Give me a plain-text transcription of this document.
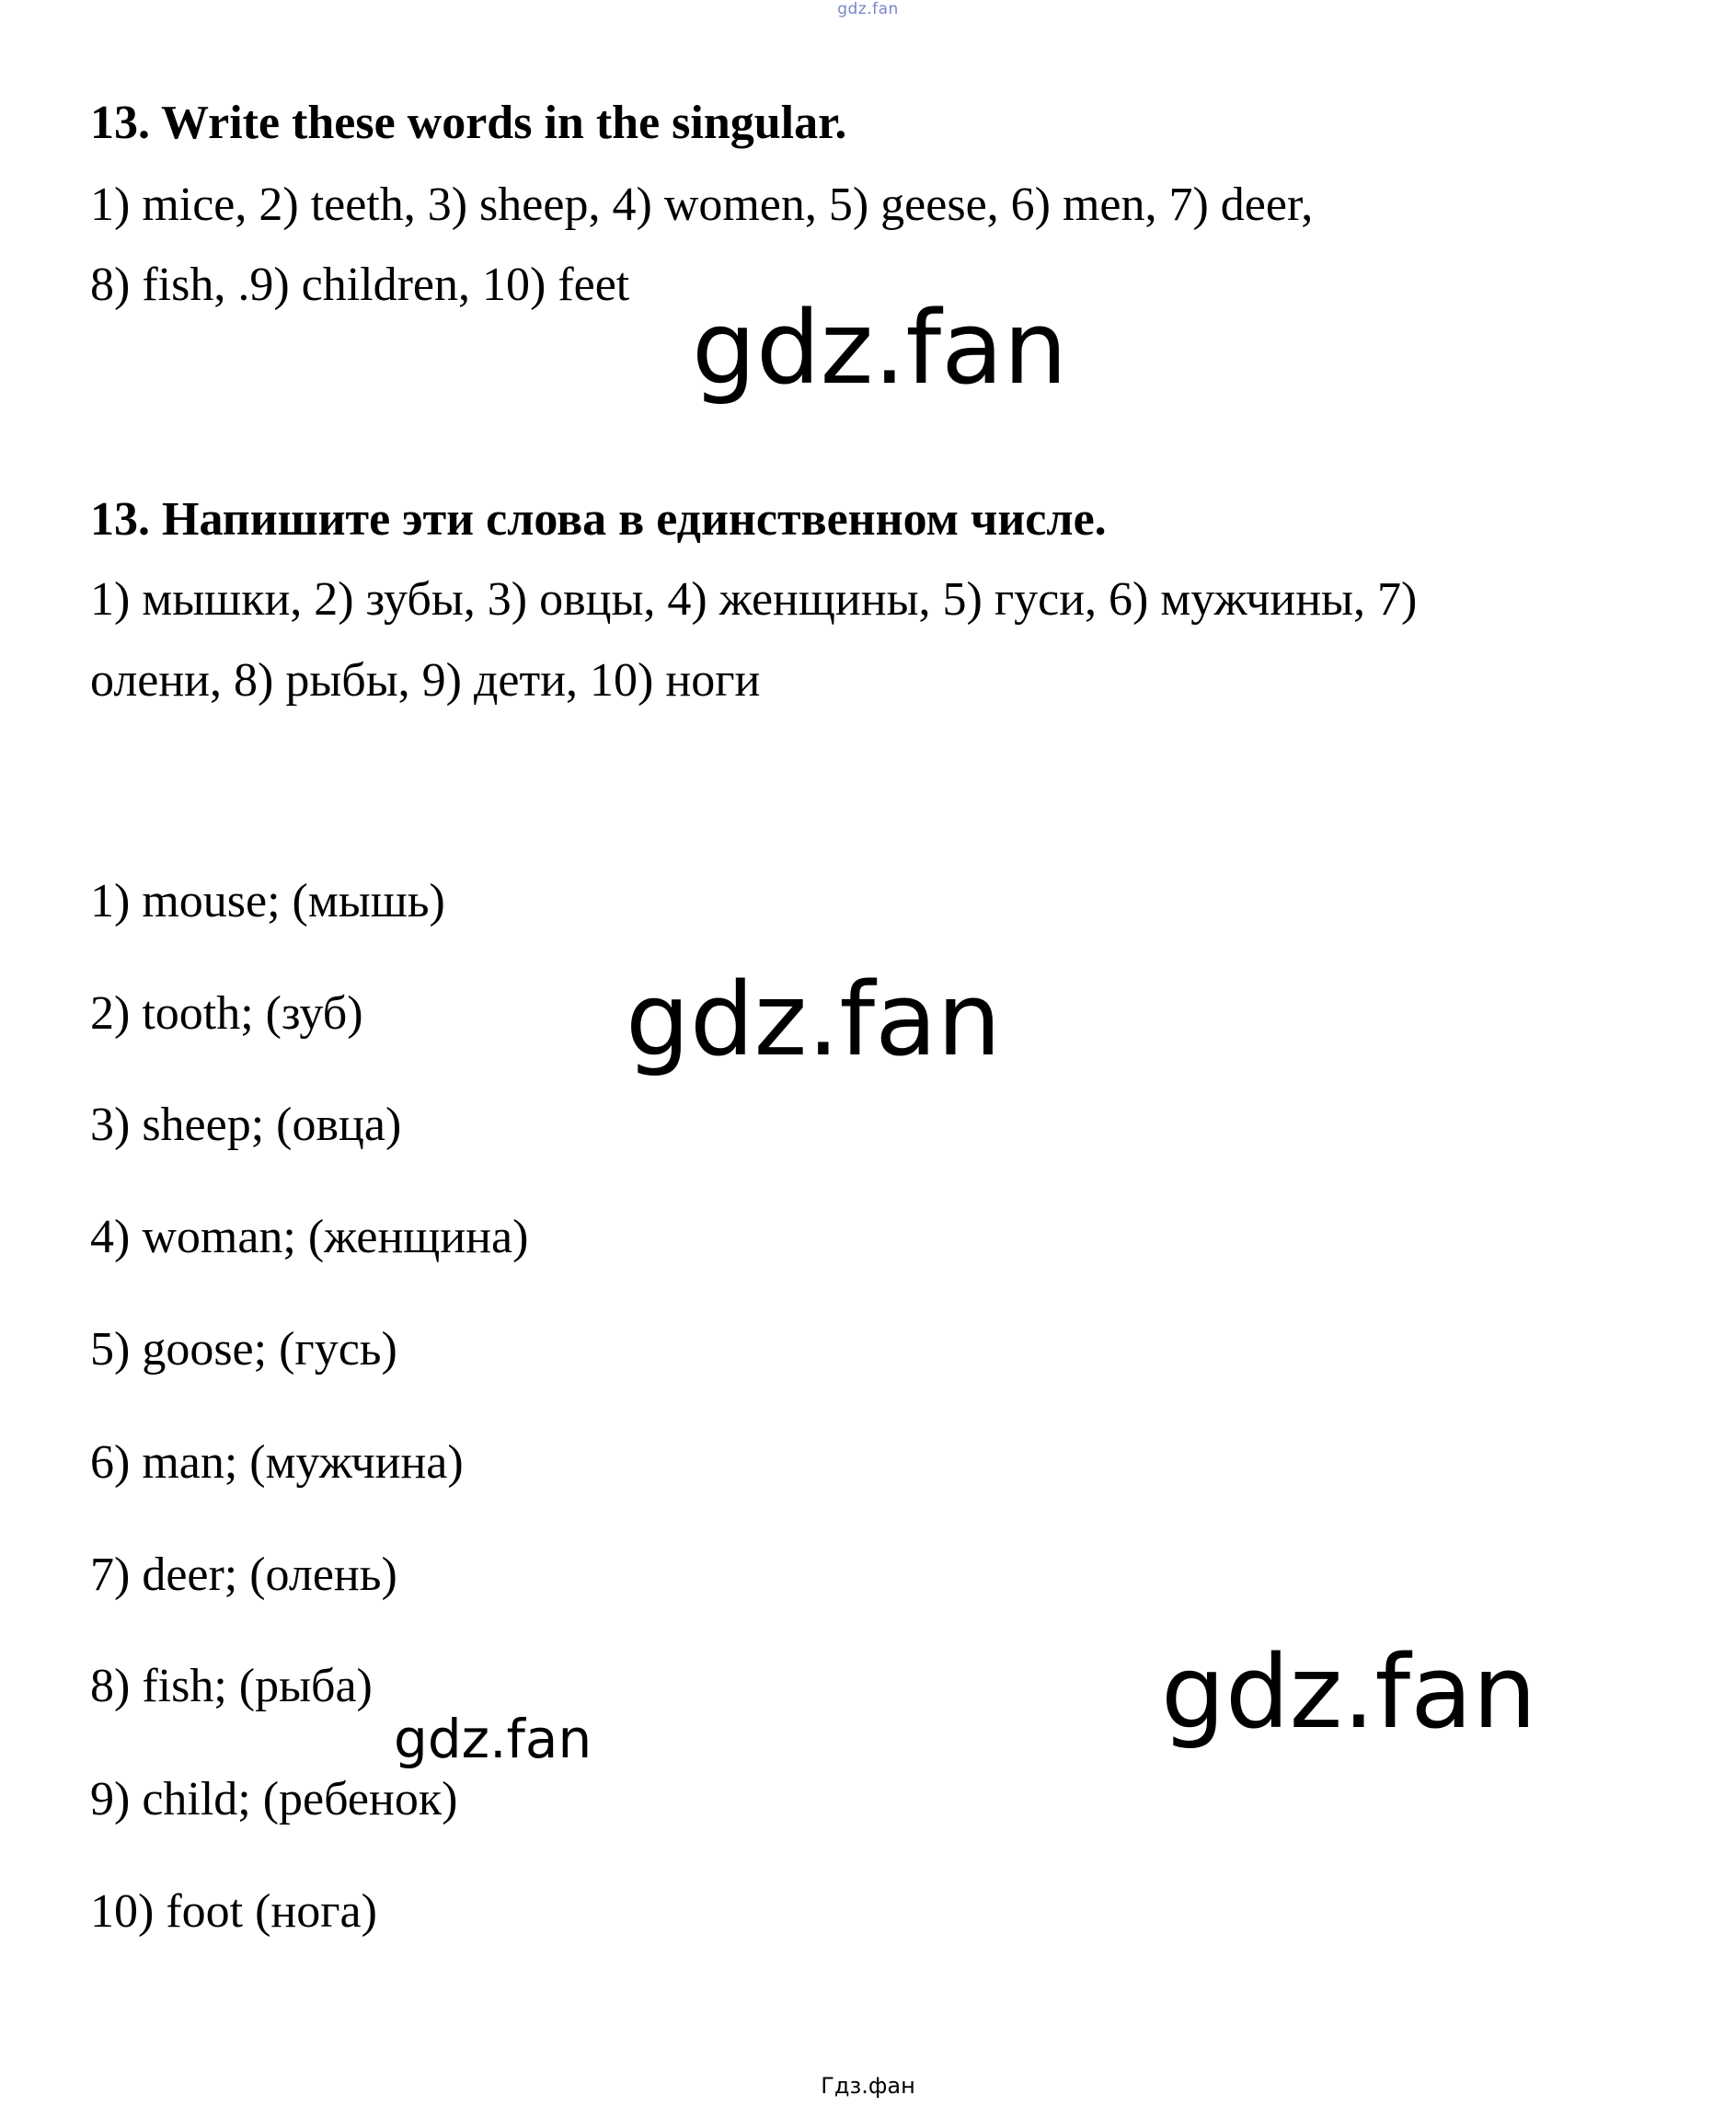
gdz.fan
13. Write these words in the singular.
1) mice, 2) teeth, 3) sheep, 4) women, 5) geese, 6) men, 7) deer,
8) fish, .9) children, 10) feet
gdz.fan
13. Напишите эти слова в единственном числе.
1) мышки, 2) зубы, 3) овцы, 4) женщины, 5) гуси, 6) мужчины, 7)
олени, 8) рыбы, 9) дети, 10) ноги
1) mouse; (мышь)
2) tooth; (зуб)
3) sheep; (овца)
4) woman; (женщина)
5) goose; (гусь)
6) man; (мужчина)
7) deer; (олень)
8) fish; (рыба)
9) child; (ребенок)
10) foot (нога)
gdz.fan
gdz.fan
gdz.fan
Гдз.фан
